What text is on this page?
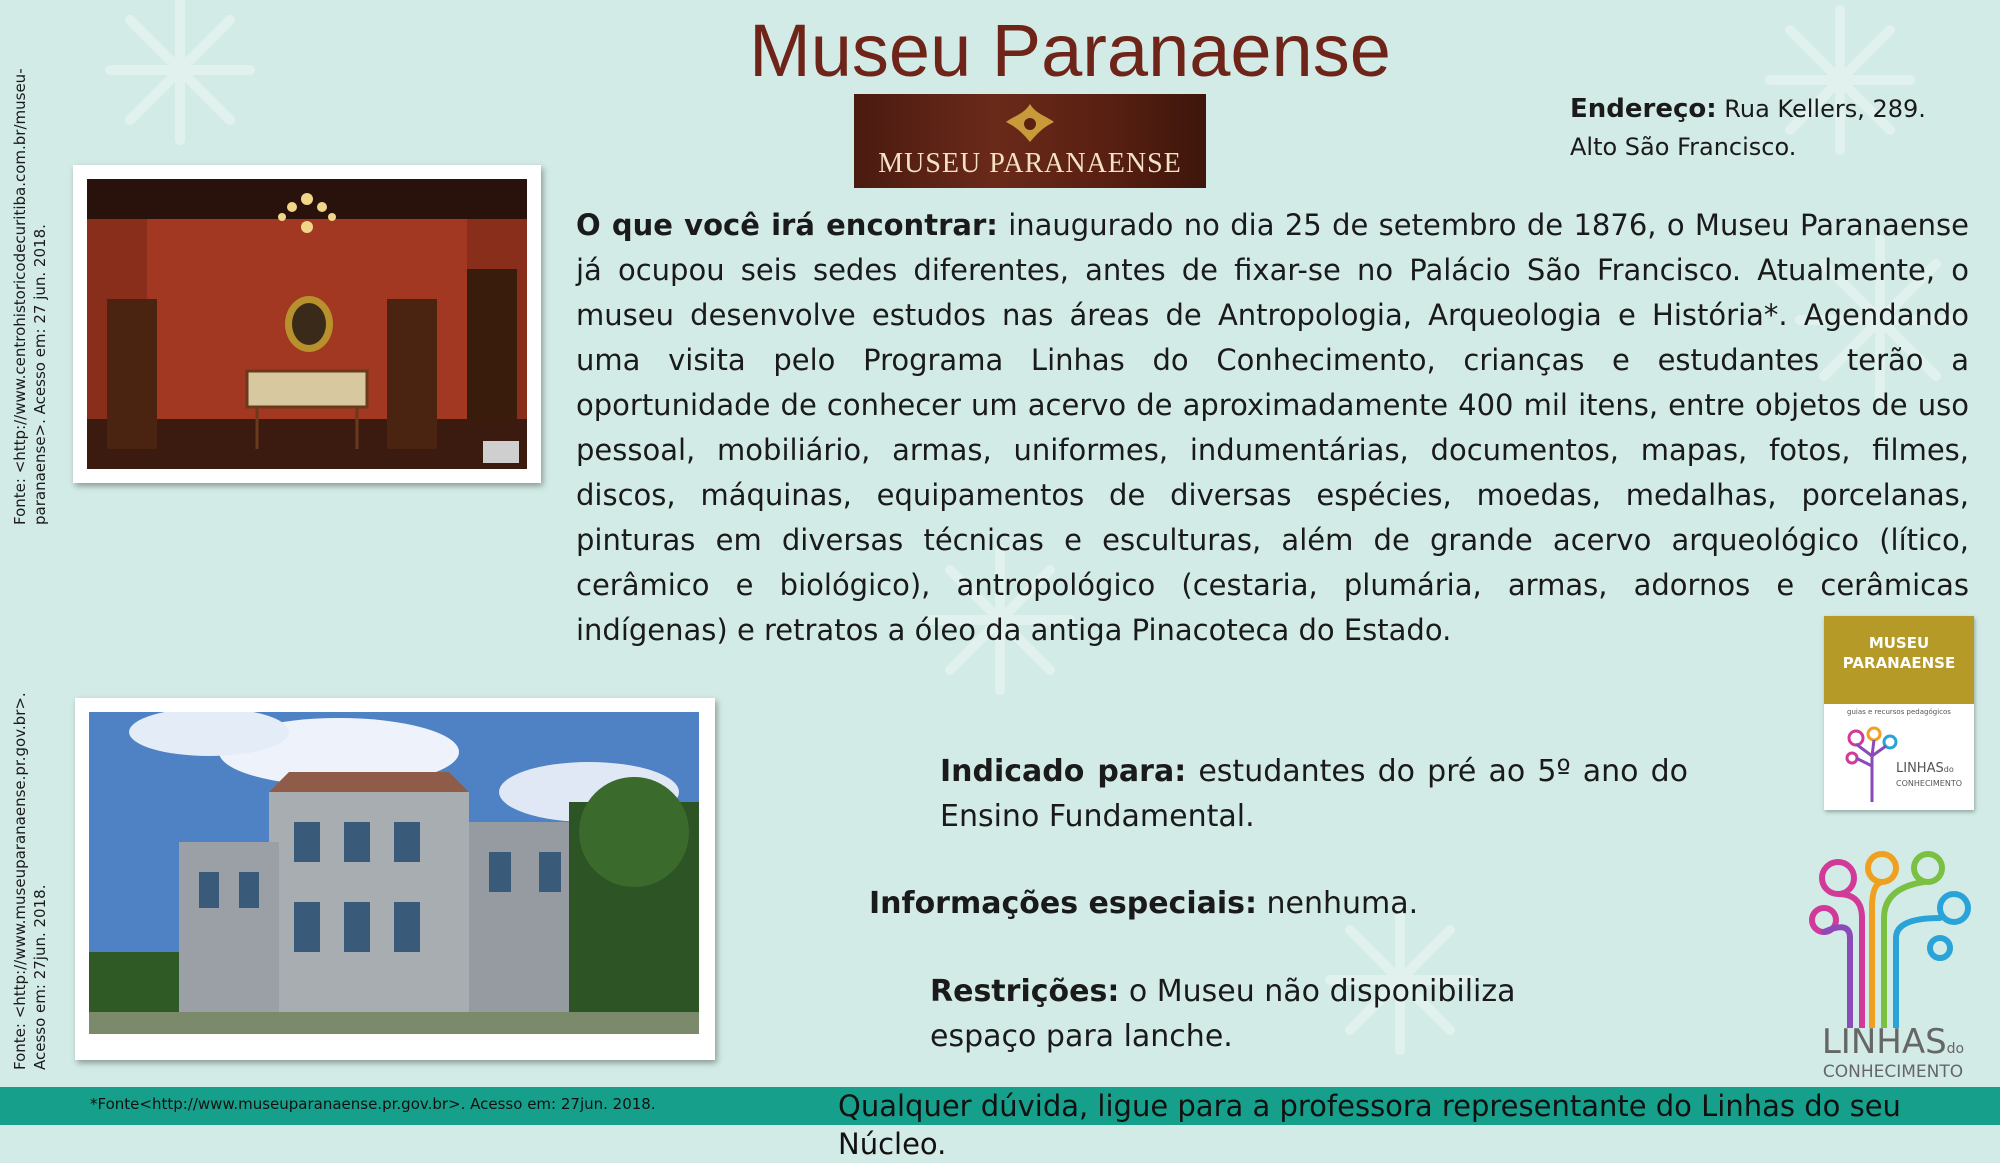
Museu Paranaense
MUSEU PARANAENSE
Endereço: Rua Kellers, 289.
Alto São Francisco.
Fonte: <http://www.centrohistoricodecuritiba.com.br/museu- paranaense>. Acesso em: 27 jun. 2018.
Fonte: <http://www.museuparanaense.pr.gov.br>. Acesso em: 27jun. 2018.
O que você irá encontrar: inaugurado no dia 25 de setembro de 1876, o Museu Paranaense já ocupou seis sedes diferentes, antes de fixar-se no Palácio São Francisco. Atualmente, o museu desenvolve estudos nas áreas de Antropologia, Arqueologia e História*. Agendando uma visita pelo Programa Linhas do Conhecimento, crianças e estudantes terão a oportunidade de conhecer um acervo de aproximadamente 400 mil itens, entre objetos de uso pessoal, mobiliário, armas, uniformes, indumentárias, documentos, mapas, fotos, filmes, discos, máquinas, equipamentos de diversas espécies, moedas, medalhas, porcelanas, pinturas em diversas técnicas e esculturas, além de grande acervo arqueológico (lítico, cerâmico e biológico), antropológico (cestaria, plumária, armas, adornos e cerâmicas indígenas) e retratos a óleo da antiga Pinacoteca do Estado.
Indicado para: estudantes do pré ao 5º ano do Ensino Fundamental.
Informações especiais: nenhuma.
Restrições: o Museu não disponibiliza espaço para lanche.
MUSEU
PARANAENSE
guias e recursos pedagógicos
LINHASdo
CONHECIMENTO
LINHASdo
CONHECIMENTO
*Fonte<http://www.museuparanaense.pr.gov.br>. Acesso em: 27jun. 2018.	Qualquer dúvida, ligue para a professora representante do Linhas do seu Núcleo.
